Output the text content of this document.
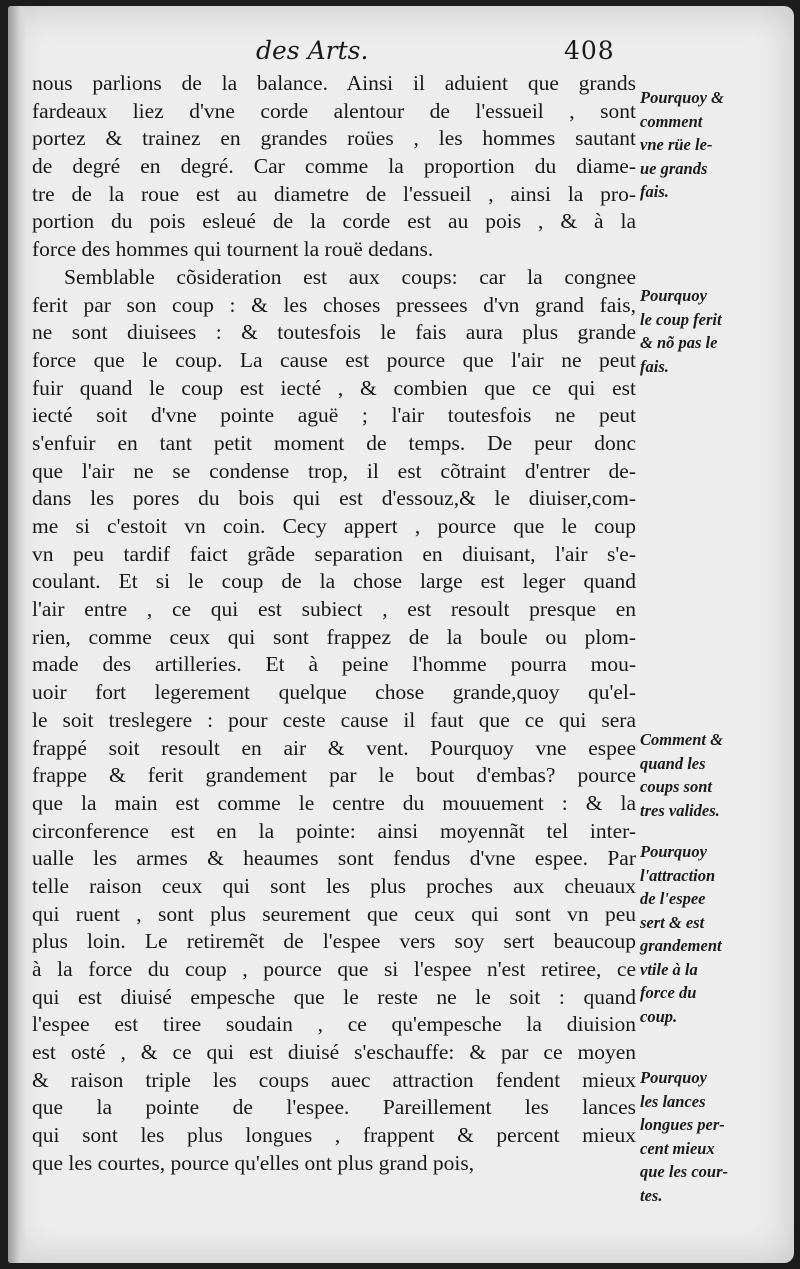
des Arts.	408
nous parlions de la balance. Ainsi il aduient que grands
fardeaux liez d'vne corde alentour de l'essueil , sont
portez & trainez en grandes roües , les hommes sautant
de degré en degré. Car comme la proportion du diame-
tre de la roue est au diametre de l'essueil , ainsi la pro-
portion du pois esleué de la corde est au pois , & à la
force des hommes qui tournent la rouë dedans.
Semblable cõsideration est aux coups: car la congnee
ferit par son coup : & les choses pressees d'vn grand fais,
ne sont diuisees : & toutesfois le fais aura plus grande
force que le coup. La cause est pource que l'air ne peut
fuir quand le coup est iecté , & combien que ce qui est
iecté soit d'vne pointe aguë ; l'air toutesfois ne peut
s'enfuir en tant petit moment de temps. De peur donc
que l'air ne se condense trop, il est cõtraint d'entrer de-
dans les pores du bois qui est d'essouz,& le diuiser,com-
me si c'estoit vn coin. Cecy appert , pource que le coup
vn peu tardif faict grãde separation en diuisant, l'air s'e-
coulant. Et si le coup de la chose large est leger quand
l'air entre , ce qui est subiect , est resoult presque en
rien, comme ceux qui sont frappez de la boule ou plom-
made des artilleries. Et à peine l'homme pourra mou-
uoir fort legerement quelque chose grande,quoy qu'el-
le soit treslegere : pour ceste cause il faut que ce qui sera
frappé soit resoult en air & vent. Pourquoy vne espee
frappe & ferit grandement par le bout d'embas? pource
que la main est comme le centre du mouuement : & la
circonference est en la pointe: ainsi moyennãt tel inter-
ualle les armes & heaumes sont fendus d'vne espee. Par
telle raison ceux qui sont les plus proches aux cheuaux
qui ruent , sont plus seurement que ceux qui sont vn peu
plus loin. Le retiremẽt de l'espee vers soy sert beaucoup
à la force du coup , pource que si l'espee n'est retiree, ce
qui est diuisé empesche que le reste ne le soit : quand
l'espee est tiree soudain , ce qu'empesche la diuision
est osté , & ce qui est diuisé s'eschauffe: & par ce moyen
& raison triple les coups auec attraction fendent mieux
que la pointe de l'espee. Pareillement les lances
qui sont les plus longues , frappent & percent mieux
que les courtes, pource qu'elles ont plus grand pois,
Pourquoy &
comment
vne rüe le-
ue grands
fais.
Pourquoy
le coup ferit
& nõ pas le
fais.
Comment &
quand les
coups sont
tres valides.
Pourquoy
l'attraction
de l'espee
sert & est
grandement
vtile à la
force du
coup.
Pourquoy
les lances
longues per-
cent mieux
que les cour-
tes.
